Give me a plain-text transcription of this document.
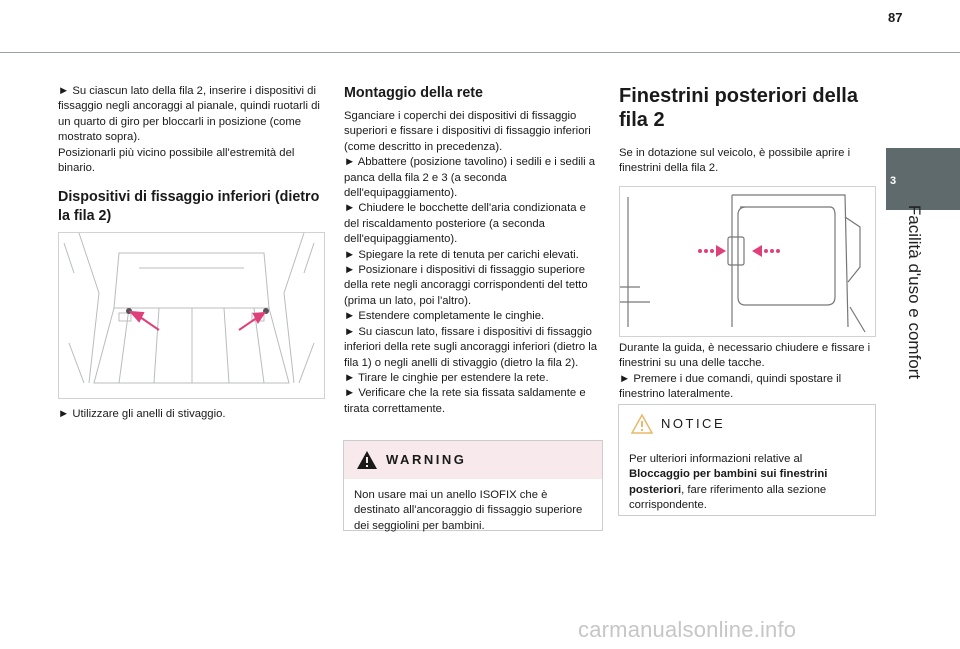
87
3
Facilità d'uso e comfort

► Su ciascun lato della fila 2, inserire i dispositivi di fissaggio negli ancoraggi al pianale, quindi ruotarli di un quarto di giro per bloccarli in posizione (come mostrato sopra).

Posizionarli più vicino possibile all'estremità del binario.

Dispositivi di fissaggio inferiori (dietro la fila 2)

► Utilizzare gli anelli di stivaggio.

Montaggio della rete

Sganciare i coperchi dei dispositivi di fissaggio superiori e fissare i dispositivi di fissaggio inferiori (come descritto in precedenza).

► Abbattere (posizione tavolino) i sedili e i sedili a panca della fila 2 e 3 (a seconda dell'equipaggiamento).

► Chiudere le bocchette dell'aria condizionata e del riscaldamento posteriore (a seconda dell'equipaggiamento).

► Spiegare la rete di tenuta per carichi elevati.

► Posizionare i dispositivi di fissaggio superiore della rete negli ancoraggi corrispondenti del tetto (prima un lato, poi l'altro).

► Estendere completamente le cinghie.

► Su ciascun lato, fissare i dispositivi di fissaggio inferiori della rete sugli ancoraggi inferiori (dietro la fila 1) o negli anelli di stivaggio (dietro la fila 2).

► Tirare le cinghie per estendere la rete.

► Verificare che la rete sia fissata saldamente e tirata correttamente.

WARNING
Non usare mai un anello ISOFIX che è destinato all'ancoraggio di fissaggio superiore dei seggiolini per bambini.
Finestrini posteriori della fila 2

Se in dotazione sul veicolo, è possibile aprire i finestrini della fila 2.

Durante la guida, è necessario chiudere e fissare i finestrini su una delle tacche.

► Premere i due comandi, quindi spostare il finestrino lateralmente.

NOTICE
Per ulteriori informazioni relative al Bloccaggio per bambini sui finestrini posteriori, fare riferimento alla sezione corrispondente.
carmanualsonline.info
